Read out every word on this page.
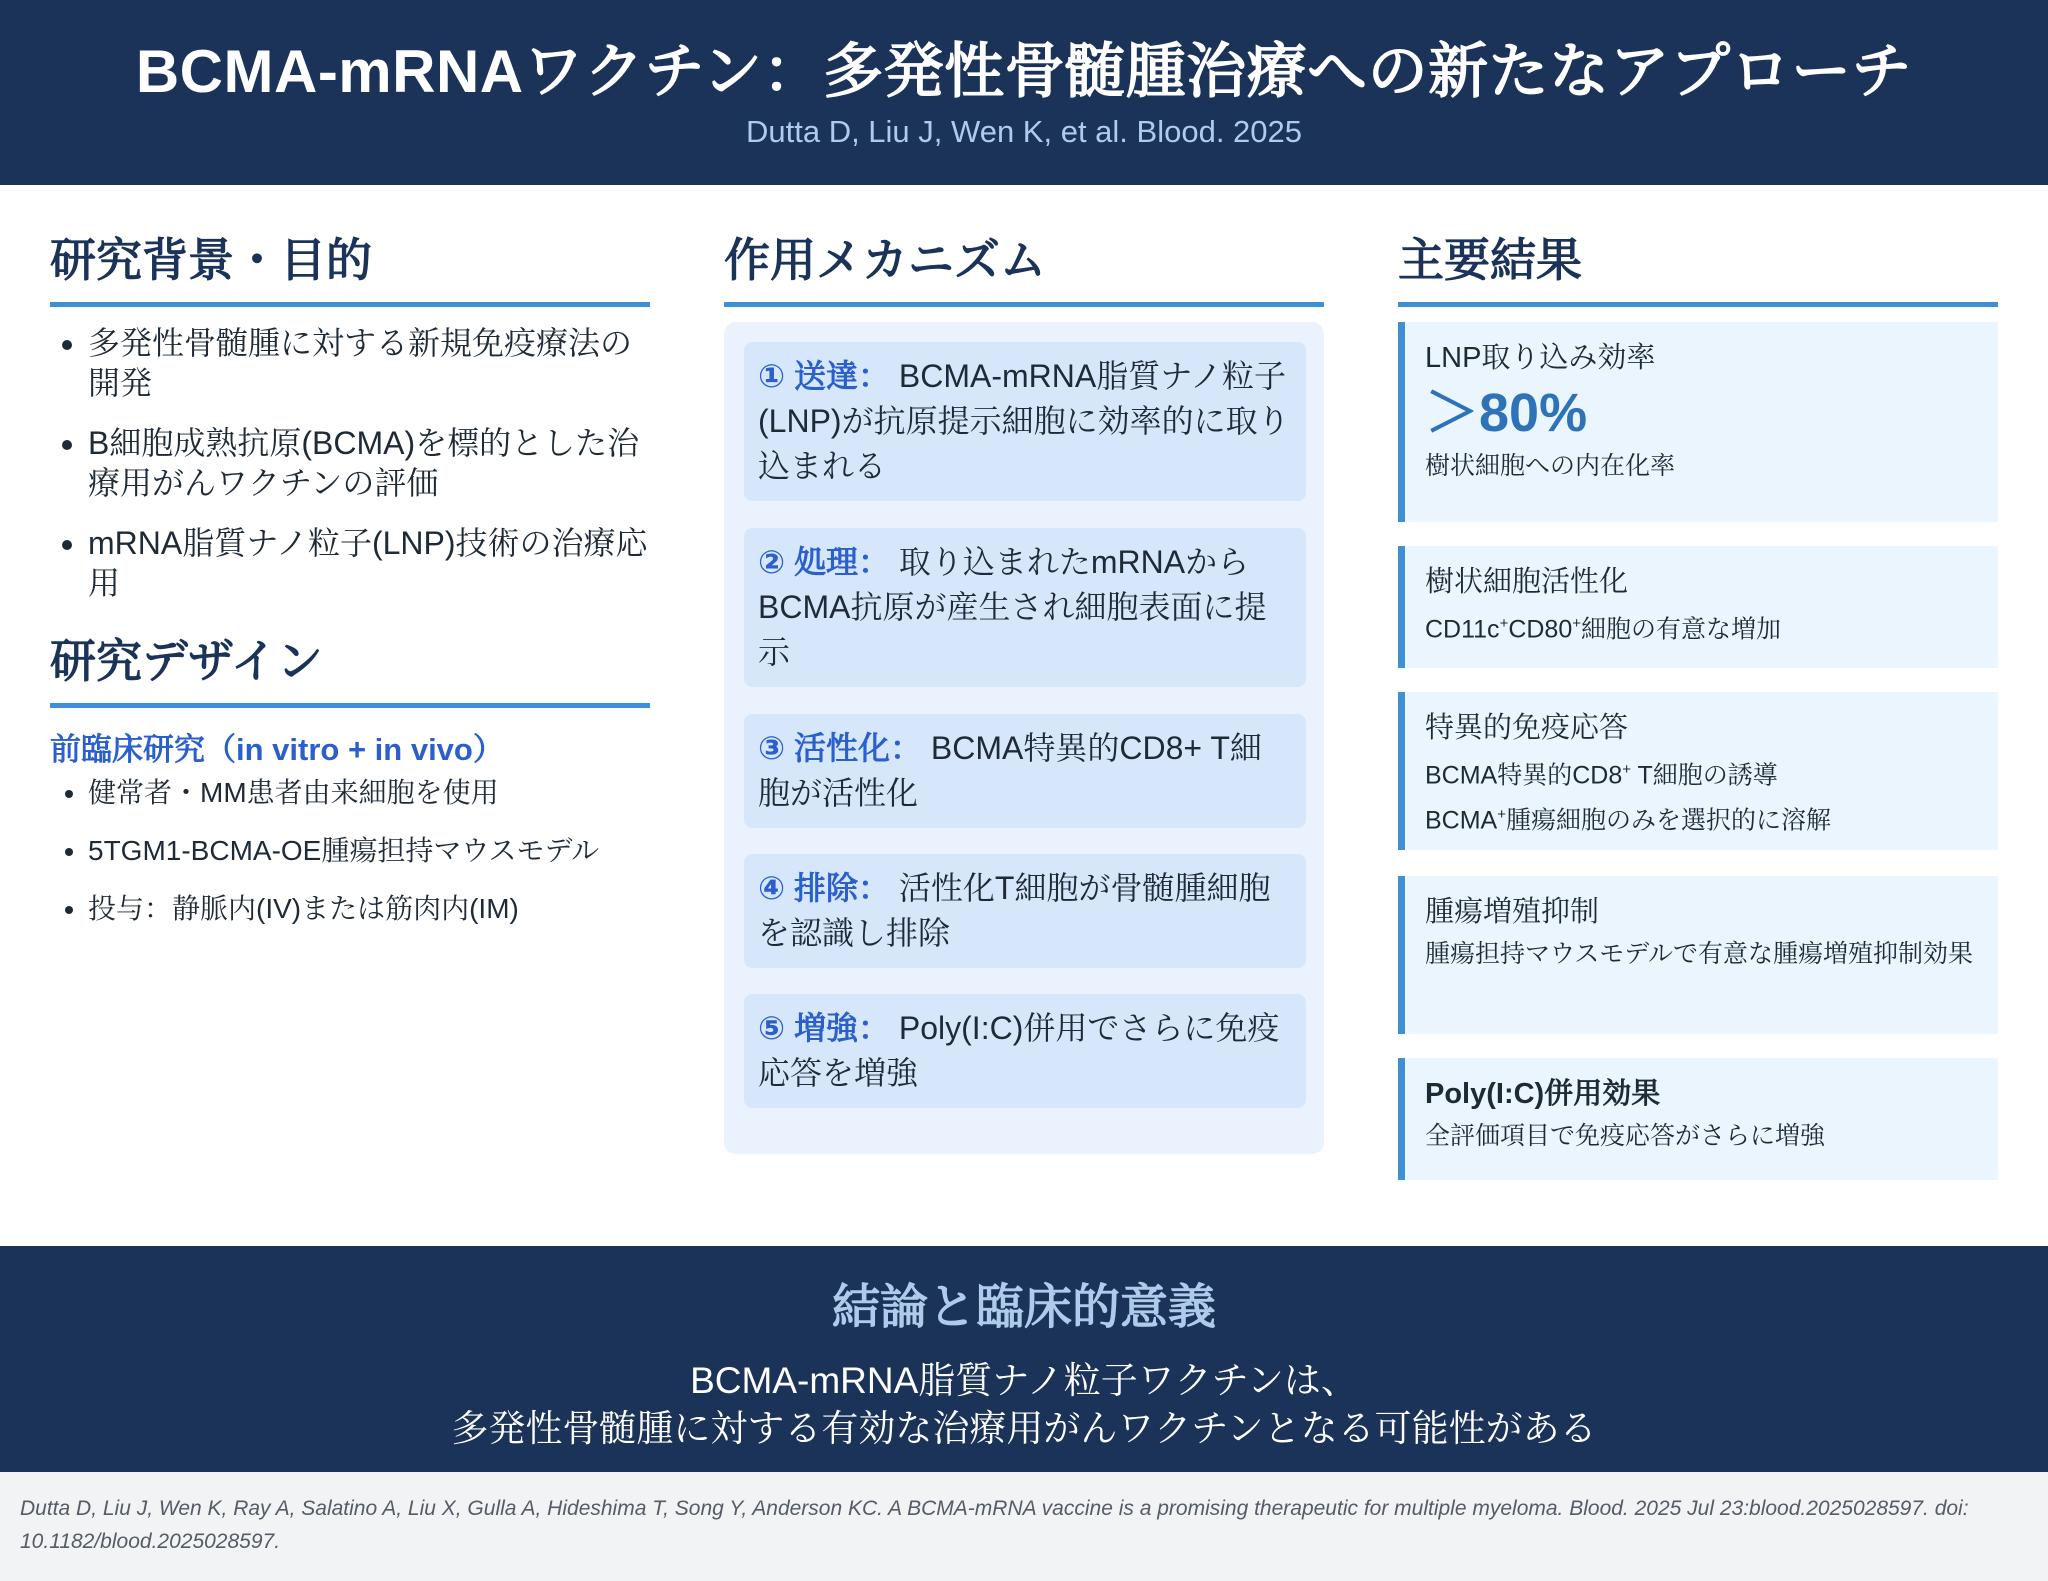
BCMA-mRNAワクチン：多発性骨髄腫治療への新たなアプローチ
Dutta D, Liu J, Wen K, et al. Blood. 2025
研究背景・目的
• 多発性骨髄腫に対する新規免疫療法の開発
• B細胞成熟抗原(BCMA)を標的とした治療用がんワクチンの評価
• mRNA脂質ナノ粒子(LNP)技術の治療応用
研究デザイン
前臨床研究（in vitro + in vivo）
• 健常者・MM患者由来細胞を使用
• 5TGM1-BCMA-OE腫瘍担持マウスモデル
• 投与：静脈内(IV)または筋肉内(IM)
作用メカニズム
① 送達： BCMA-mRNA脂質ナノ粒子(LNP)が抗原提示細胞に効率的に取り込まれる
② 処理： 取り込まれたmRNAからBCMA抗原が産生され細胞表面に提示
③ 活性化： BCMA特異的CD8+ T細胞が活性化
④ 排除： 活性化T細胞が骨髄腫細胞を認識し排除
⑤ 増強： Poly(I:C)併用でさらに免疫応答を増強
主要結果
LNP取り込み効率
＞80%
樹状細胞への内在化率
樹状細胞活性化
CD11c+CD80+細胞の有意な増加
特異的免疫応答
BCMA特異的CD8+ T細胞の誘導
BCMA+腫瘍細胞のみを選択的に溶解
腫瘍増殖抑制
腫瘍担持マウスモデルで有意な腫瘍増殖抑制効果
Poly(I:C)併用効果
全評価項目で免疫応答がさらに増強
結論と臨床的意義
BCMA-mRNA脂質ナノ粒子ワクチンは、
多発性骨髄腫に対する有効な治療用がんワクチンとなる可能性がある
Dutta D, Liu J, Wen K, Ray A, Salatino A, Liu X, Gulla A, Hideshima T, Song Y, Anderson KC. A BCMA-mRNA vaccine is a promising therapeutic for multiple myeloma. Blood. 2025 Jul 23:blood.2025028597. doi: 10.1182/blood.2025028597.
